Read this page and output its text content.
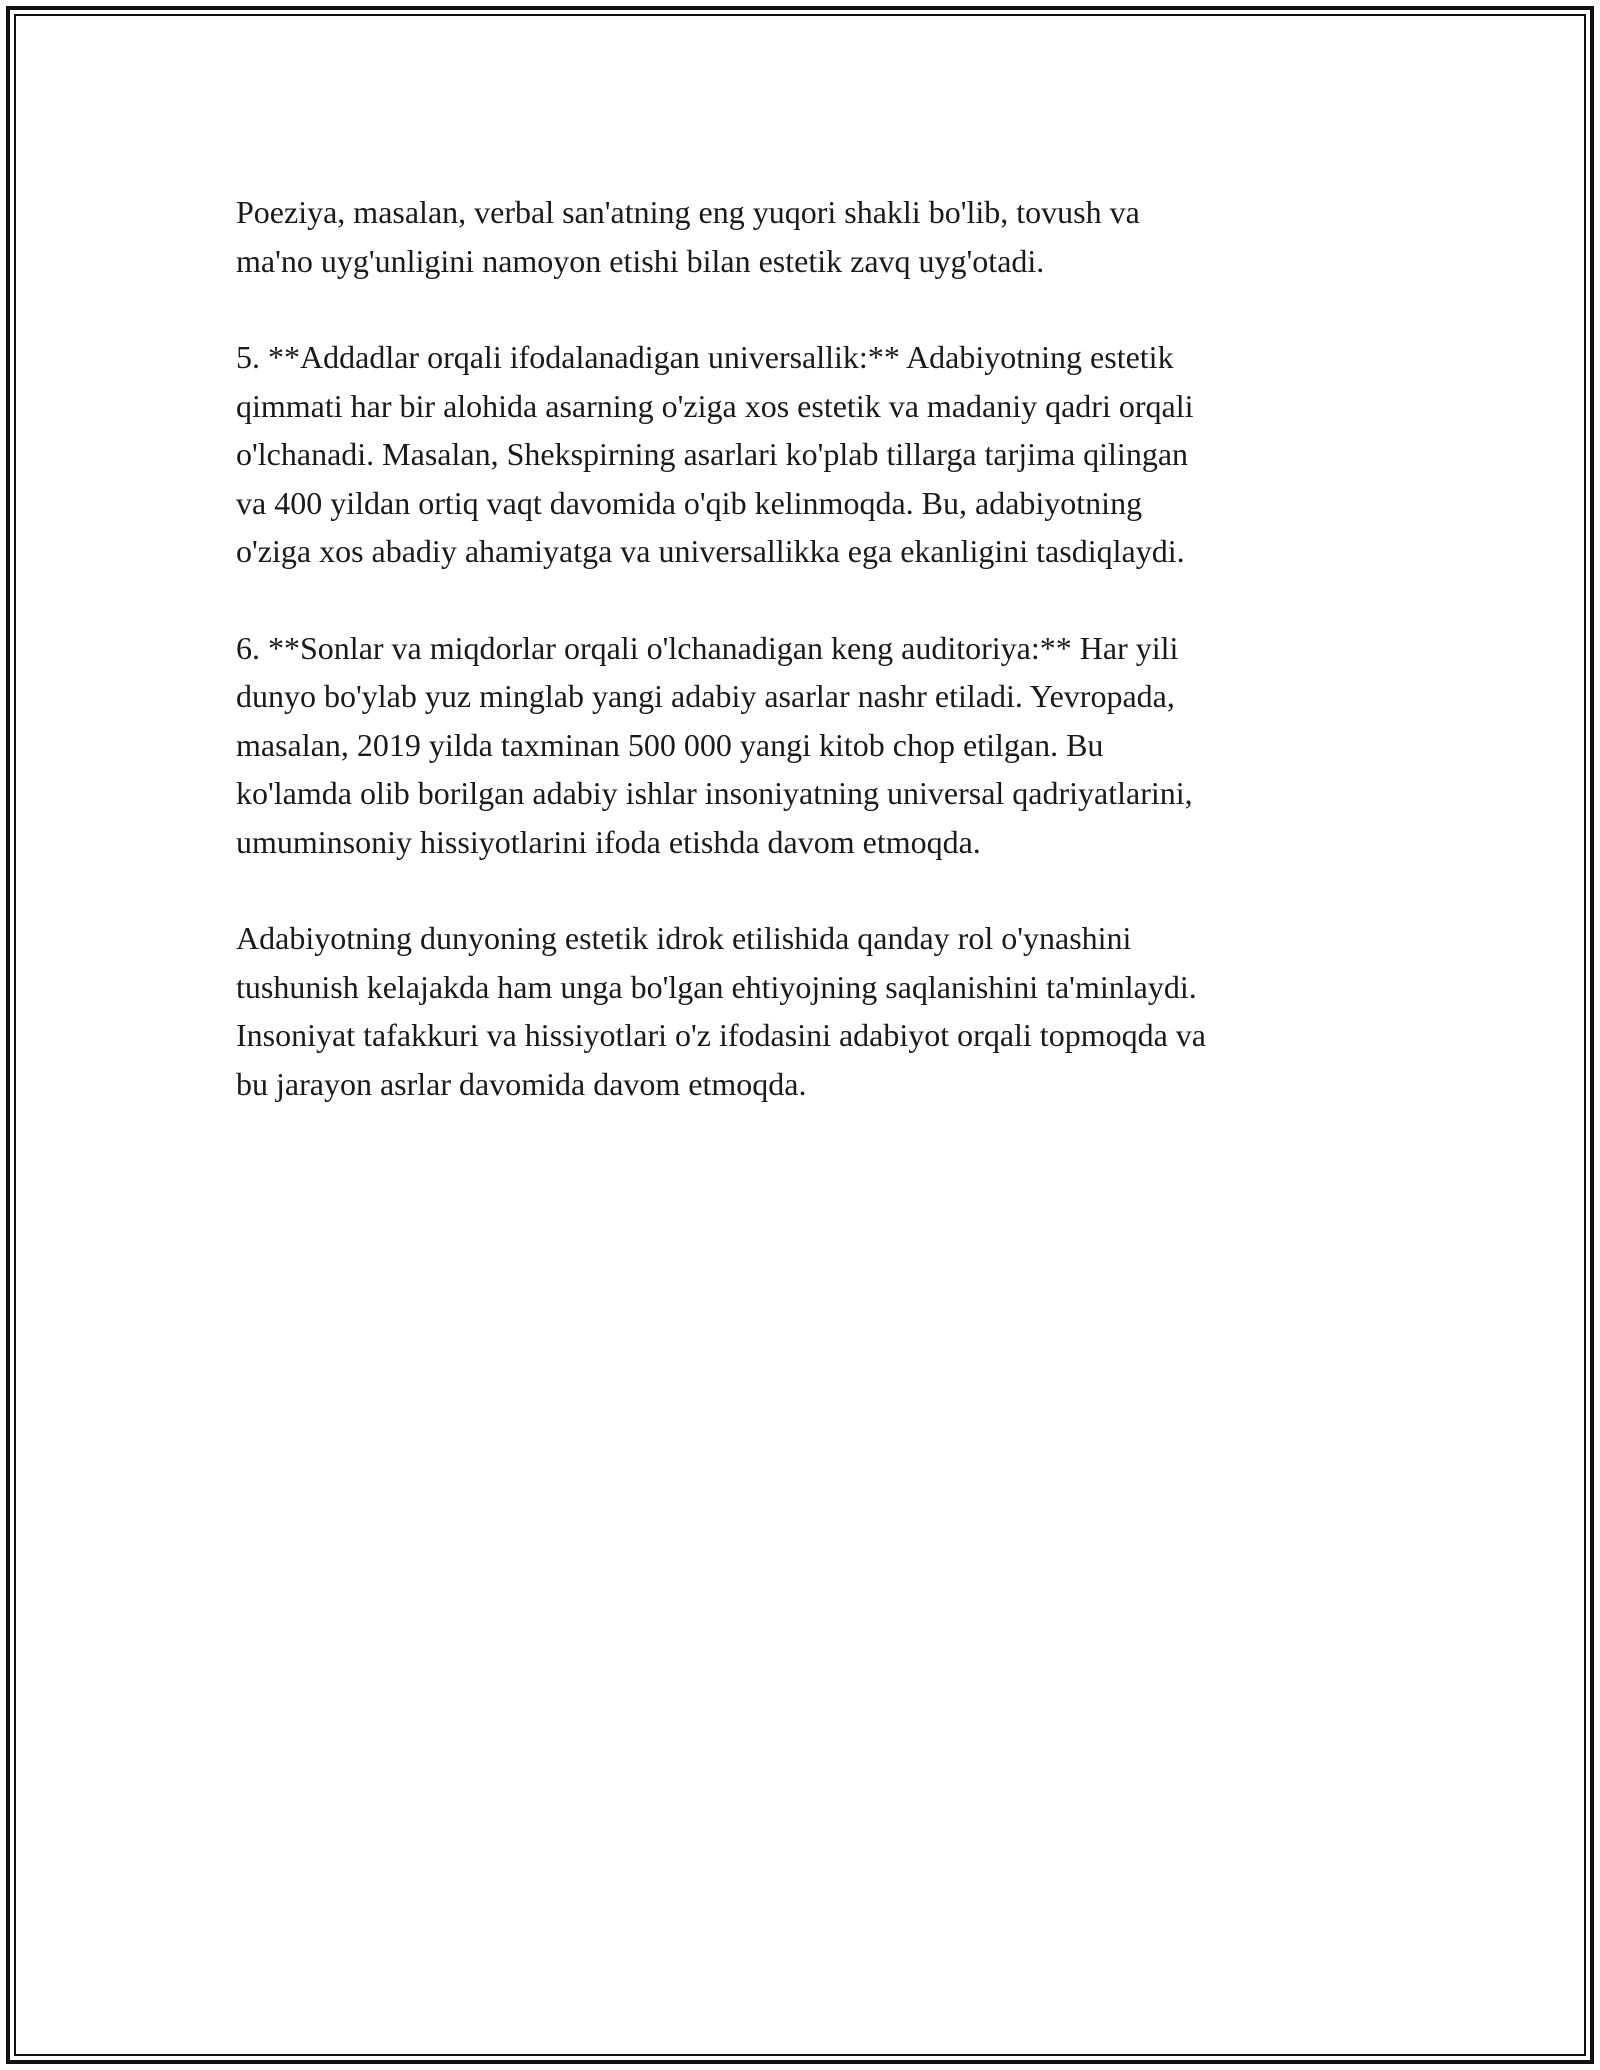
Poeziya, masalan, verbal san'atning eng yuqori shakli bo'lib, tovush va
ma'no uyg'unligini namoyon etishi bilan estetik zavq uyg'otadi.

5. **Addadlar orqali ifodalanadigan universallik:** Adabiyotning estetik
qimmati har bir alohida asarning o'ziga xos estetik va madaniy qadri orqali
o'lchanadi. Masalan, Shekspirning asarlari ko'plab tillarga tarjima qilingan
va 400 yildan ortiq vaqt davomida o'qib kelinmoqda. Bu, adabiyotning
o'ziga xos abadiy ahamiyatga va universallikka ega ekanligini tasdiqlaydi.

6. **Sonlar va miqdorlar orqali o'lchanadigan keng auditoriya:** Har yili
dunyo bo'ylab yuz minglab yangi adabiy asarlar nashr etiladi. Yevropada,
masalan, 2019 yilda taxminan 500 000 yangi kitob chop etilgan. Bu
ko'lamda olib borilgan adabiy ishlar insoniyatning universal qadriyatlarini,
umuminsoniy hissiyotlarini ifoda etishda davom etmoqda.

Adabiyotning dunyoning estetik idrok etilishida qanday rol o'ynashini
tushunish kelajakda ham unga bo'lgan ehtiyojning saqlanishini ta'minlaydi.
Insoniyat tafakkuri va hissiyotlari o'z ifodasini adabiyot orqali topmoqda va
bu jarayon asrlar davomida davom etmoqda.
